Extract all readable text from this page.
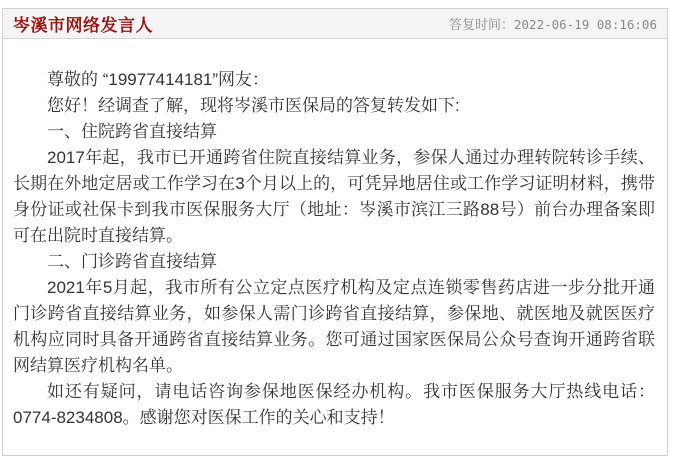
岑溪市网络发言人	答复时间：2022-06-19 08:16:06

尊敬的 “19977414181”网友：

您好！经调查了解，现将岑溪市医保局的答复转发如下:

一、住院跨省直接结算

2017年起，我市已开通跨省住院直接结算业务，参保人通过办理转院转诊手续、长期在外地定居或工作学习在3个月以上的，可凭异地居住或工作学习证明材料，携带身份证或社保卡到我市医保服务大厅（地址：岑溪市滨江三路88号）前台办理备案即可在出院时直接结算。

二、门诊跨省直接结算

2021年5月起，我市所有公立定点医疗机构及定点连锁零售药店进一步分批开通门诊跨省直接结算业务，如参保人需门诊跨省直接结算，参保地、就医地及就医医疗机构应同时具备开通跨省直接结算业务。您可通过国家医保局公众号查询开通跨省联网结算医疗机构名单。

如还有疑问，请电话咨询参保地医保经办机构。我市医保服务大厅热线电话：0774-8234808。感谢您对医保工作的关心和支持！
